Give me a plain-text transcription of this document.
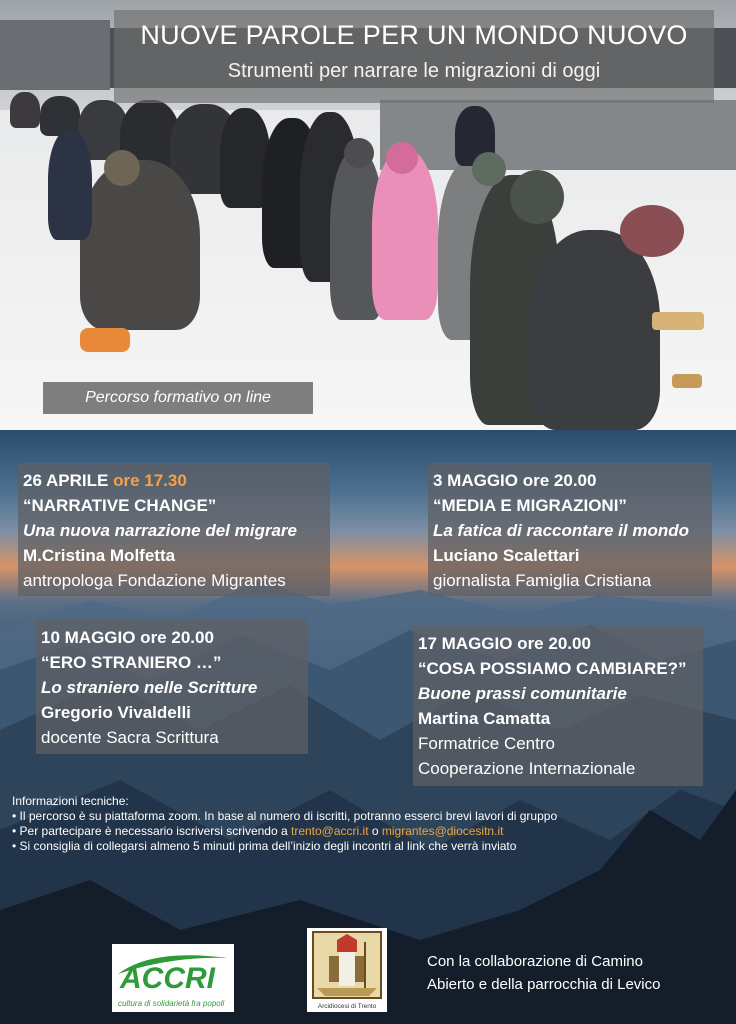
NUOVE PAROLE PER UN MONDO NUOVO
Strumenti per narrare le migrazioni di oggi
Percorso formativo on line
26 APRILE ore 17.30
“NARRATIVE CHANGE”
Una nuova narrazione del migrare
M.Cristina Molfetta
antropologa Fondazione Migrantes
3 MAGGIO ore 20.00
“MEDIA E MIGRAZIONI”
La fatica di raccontare il mondo
Luciano Scalettari
giornalista Famiglia Cristiana
10 MAGGIO ore 20.00
“ERO STRANIERO …”
Lo straniero nelle Scritture
Gregorio Vivaldelli
docente Sacra Scrittura
17 MAGGIO ore 20.00
“COSA POSSIAMO CAMBIARE?”
Buone prassi comunitarie
Martina Camatta
Formatrice Centro
Cooperazione Internazionale
Informazioni tecniche:
• Il percorso è su piattaforma zoom. In base al numero di iscritti, potranno esserci brevi lavori di gruppo
• Per partecipare è necessario iscriversi scrivendo a trento@accri.it o migrantes@diocesitn.it
• Si consiglia di collegarsi almeno 5 minuti prima dell’inizio degli incontri al link che verrà inviato
ACCRI
cultura di solidarietà fra popoli	Arcidiocesi di Trento
Con la collaborazione di Camino
Abierto e della parrocchia di Levico
